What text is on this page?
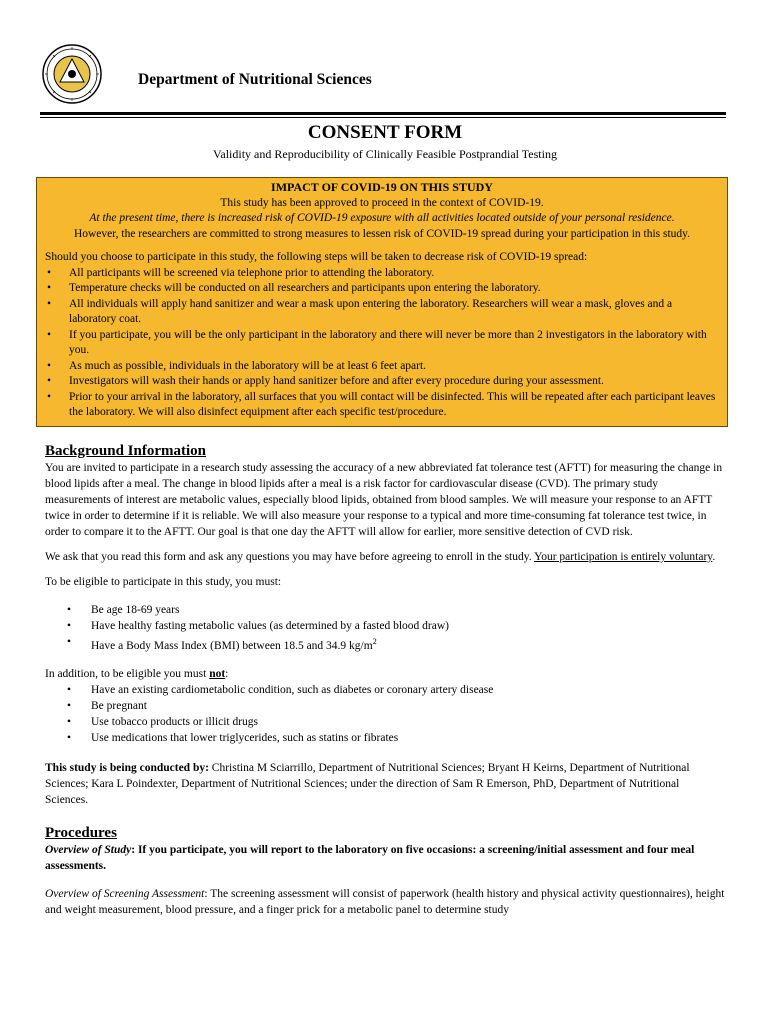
Department of Nutritional Sciences
CONSENT FORM
Validity and Reproducibility of Clinically Feasible Postprandial Testing
IMPACT OF COVID-19 ON THIS STUDY
This study has been approved to proceed in the context of COVID-19.
At the present time, there is increased risk of COVID-19 exposure with all activities located outside of your personal residence.
However, the researchers are committed to strong measures to lessen risk of COVID-19 spread during your participation in this study.
Should you choose to participate in this study, the following steps will be taken to decrease risk of COVID-19 spread:
• All participants will be screened via telephone prior to attending the laboratory.
• Temperature checks will be conducted on all researchers and participants upon entering the laboratory.
• All individuals will apply hand sanitizer and wear a mask upon entering the laboratory. Researchers will wear a mask, gloves and a laboratory coat.
• If you participate, you will be the only participant in the laboratory and there will never be more than 2 investigators in the laboratory with you.
• As much as possible, individuals in the laboratory will be at least 6 feet apart.
• Investigators will wash their hands or apply hand sanitizer before and after every procedure during your assessment.
• Prior to your arrival in the laboratory, all surfaces that you will contact will be disinfected. This will be repeated after each participant leaves the laboratory. We will also disinfect equipment after each specific test/procedure.
Background Information

You are invited to participate in a research study assessing the accuracy of a new abbreviated fat tolerance test (AFTT) for measuring the change in blood lipids after a meal. The change in blood lipids after a meal is a risk factor for cardiovascular disease (CVD). The primary study measurements of interest are metabolic values, especially blood lipids, obtained from blood samples. We will measure your response to an AFTT twice in order to determine if it is reliable. We will also measure your response to a typical and more time-consuming fat tolerance test twice, in order to compare it to the AFTT. Our goal is that one day the AFTT will allow for earlier, more sensitive detection of CVD risk.

We ask that you read this form and ask any questions you may have before agreeing to enroll in the study. Your participation is entirely voluntary.

To be eligible to participate in this study, you must:

• Be age 18-69 years
• Have healthy fasting metabolic values (as determined by a fasted blood draw)
• Have a Body Mass Index (BMI) between 18.5 and 34.9 $kg/m^2$

In addition, to be eligible you must not:

• Have an existing cardiometabolic condition, such as diabetes or coronary artery disease
• Be pregnant
• Use tobacco products or illicit drugs
• Use medications that lower triglycerides, such as statins or fibrates

This study is being conducted by: Christina M Sciarrillo, Department of Nutritional Sciences; Bryant H Keirns, Department of Nutritional Sciences; Kara L Poindexter, Department of Nutritional Sciences; under the direction of Sam R Emerson, PhD, Department of Nutritional Sciences.

Procedures

Overview of Study: If you participate, you will report to the laboratory on five occasions: a screening/initial assessment and four meal assessments.

Overview of Screening Assessment: The screening assessment will consist of paperwork (health history and physical activity questionnaires), height and weight measurement, blood pressure, and a finger prick for a metabolic panel to determine study
